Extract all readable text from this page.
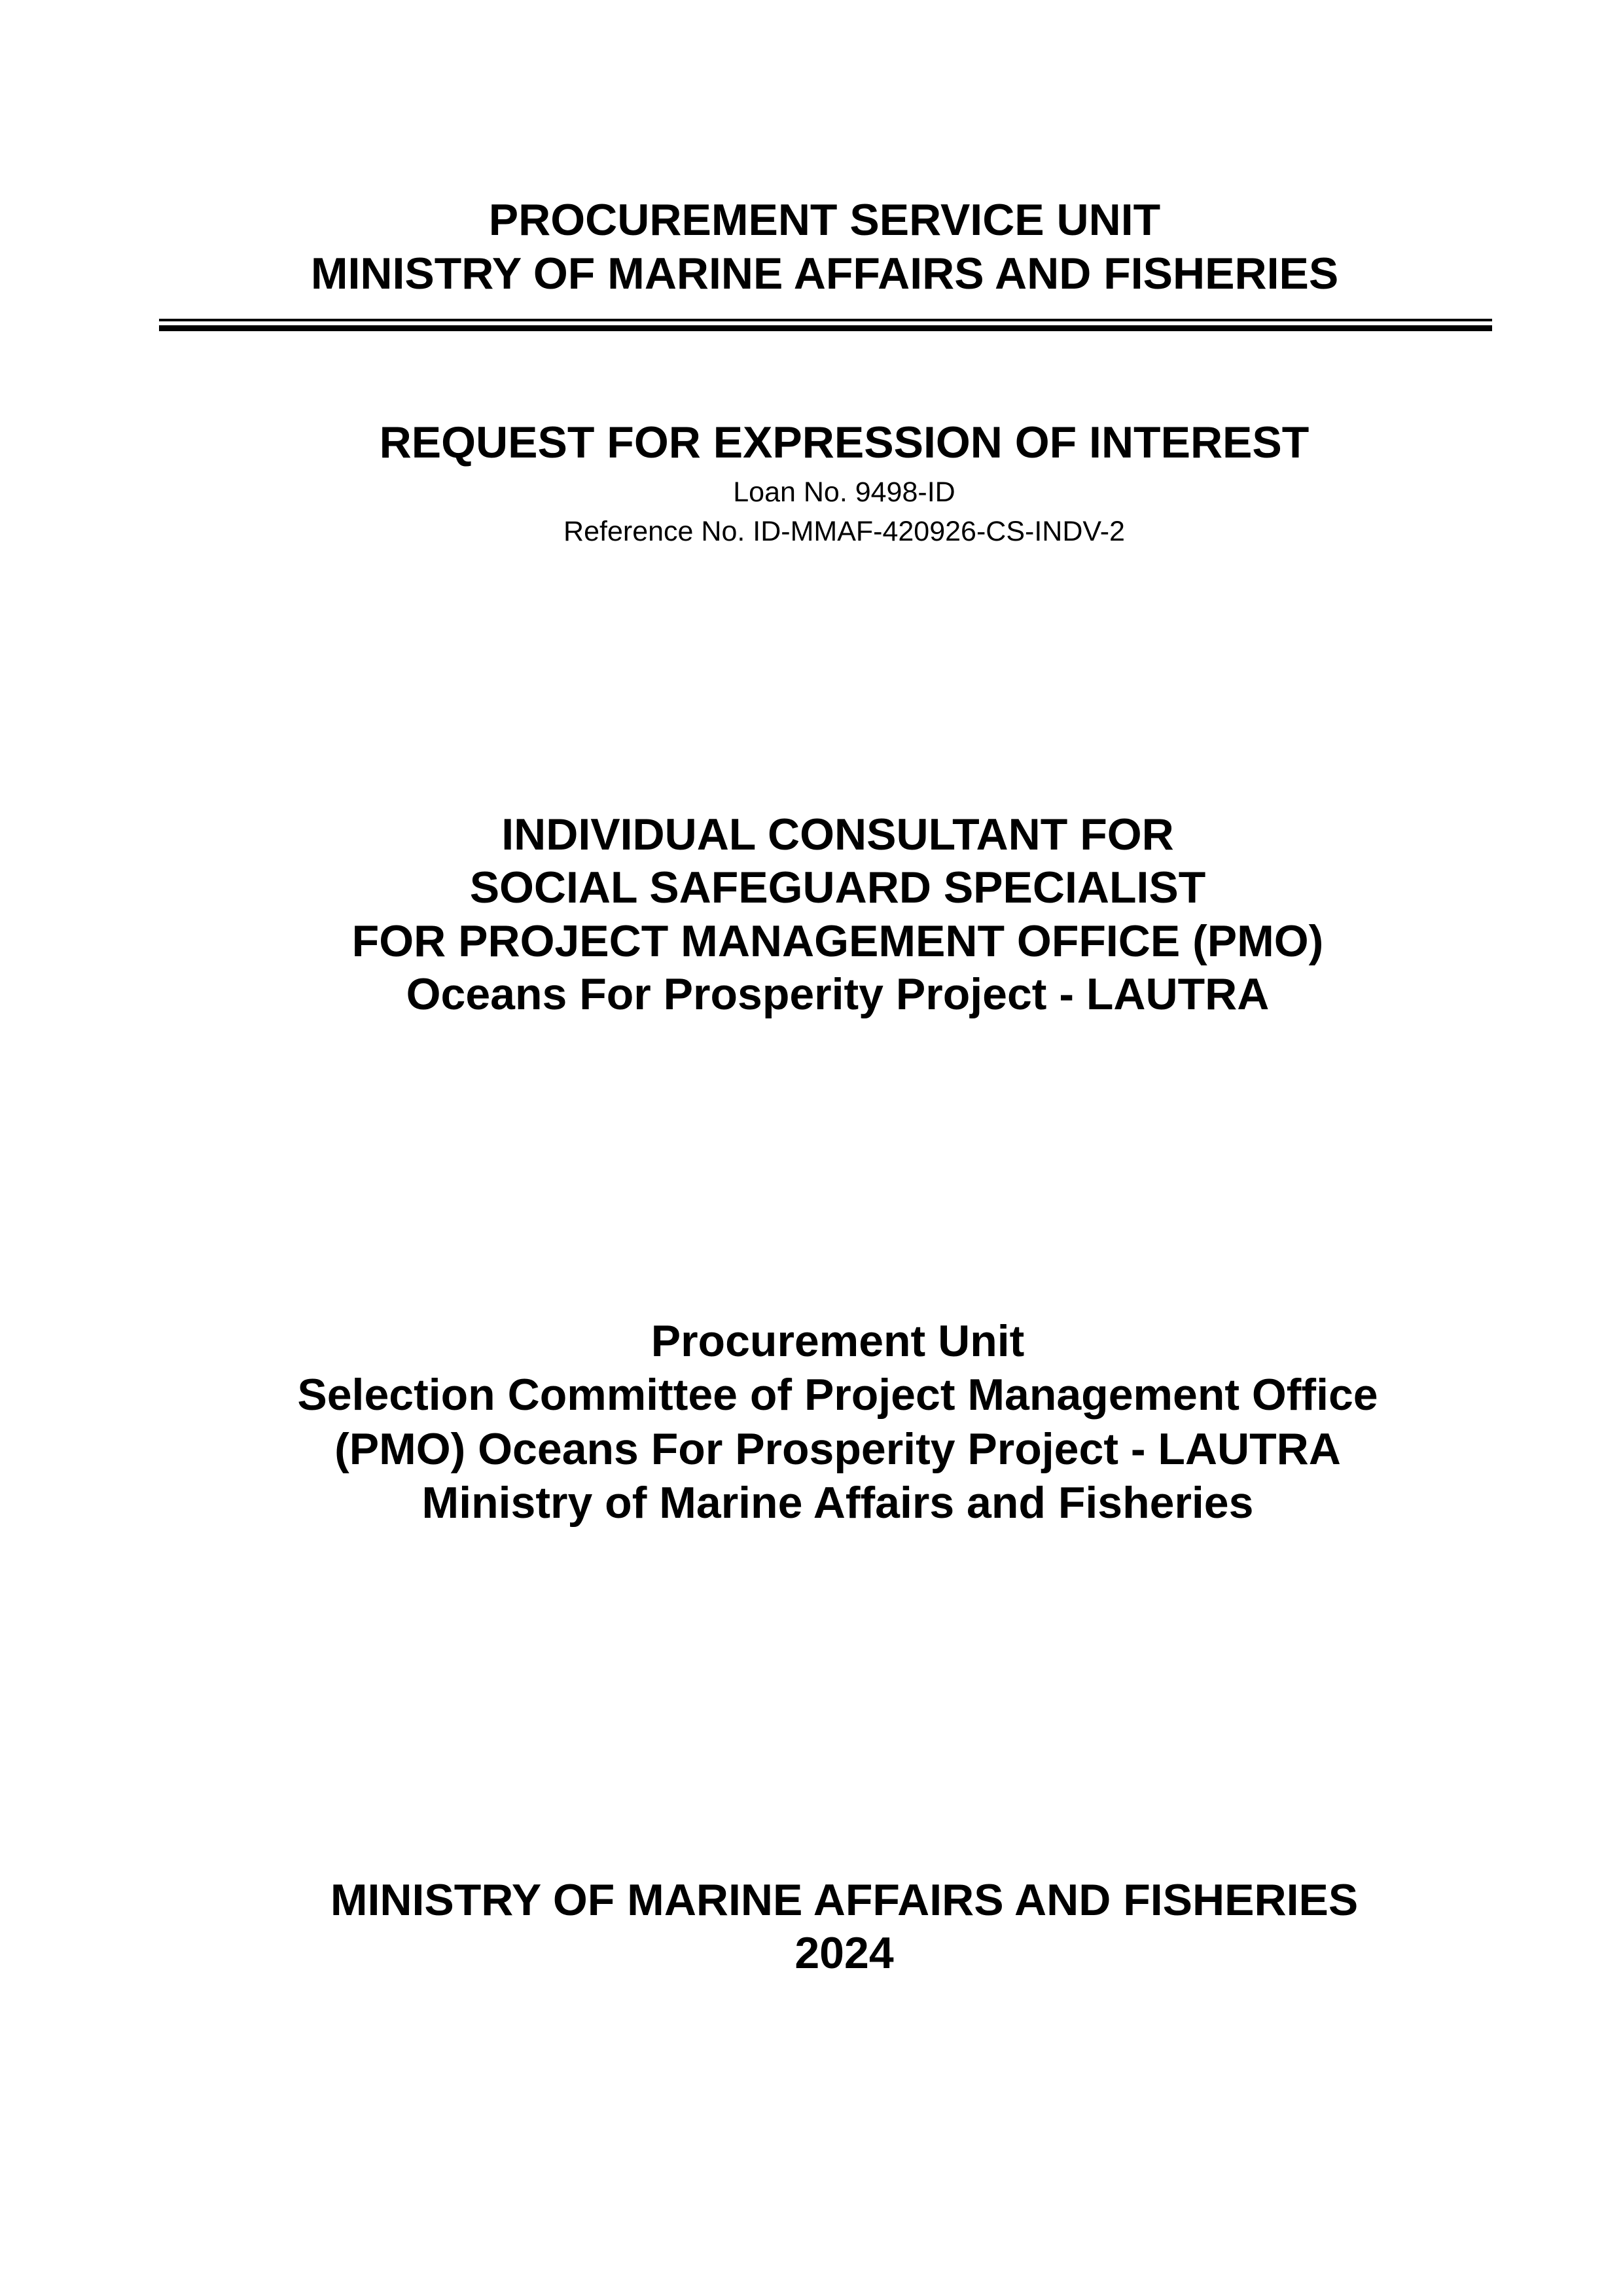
PROCUREMENT SERVICE UNIT
MINISTRY OF MARINE AFFAIRS AND FISHERIES
REQUEST FOR EXPRESSION OF INTEREST
Loan No. 9498-ID
Reference No. ID-MMAF-420926-CS-INDV-2
INDIVIDUAL CONSULTANT FOR
SOCIAL SAFEGUARD SPECIALIST
FOR PROJECT MANAGEMENT OFFICE (PMO)
Oceans For Prosperity Project - LAUTRA
Procurement Unit
Selection Committee of Project Management Office
(PMO) Oceans For Prosperity Project - LAUTRA
Ministry of Marine Affairs and Fisheries
MINISTRY OF MARINE AFFAIRS AND FISHERIES
2024
